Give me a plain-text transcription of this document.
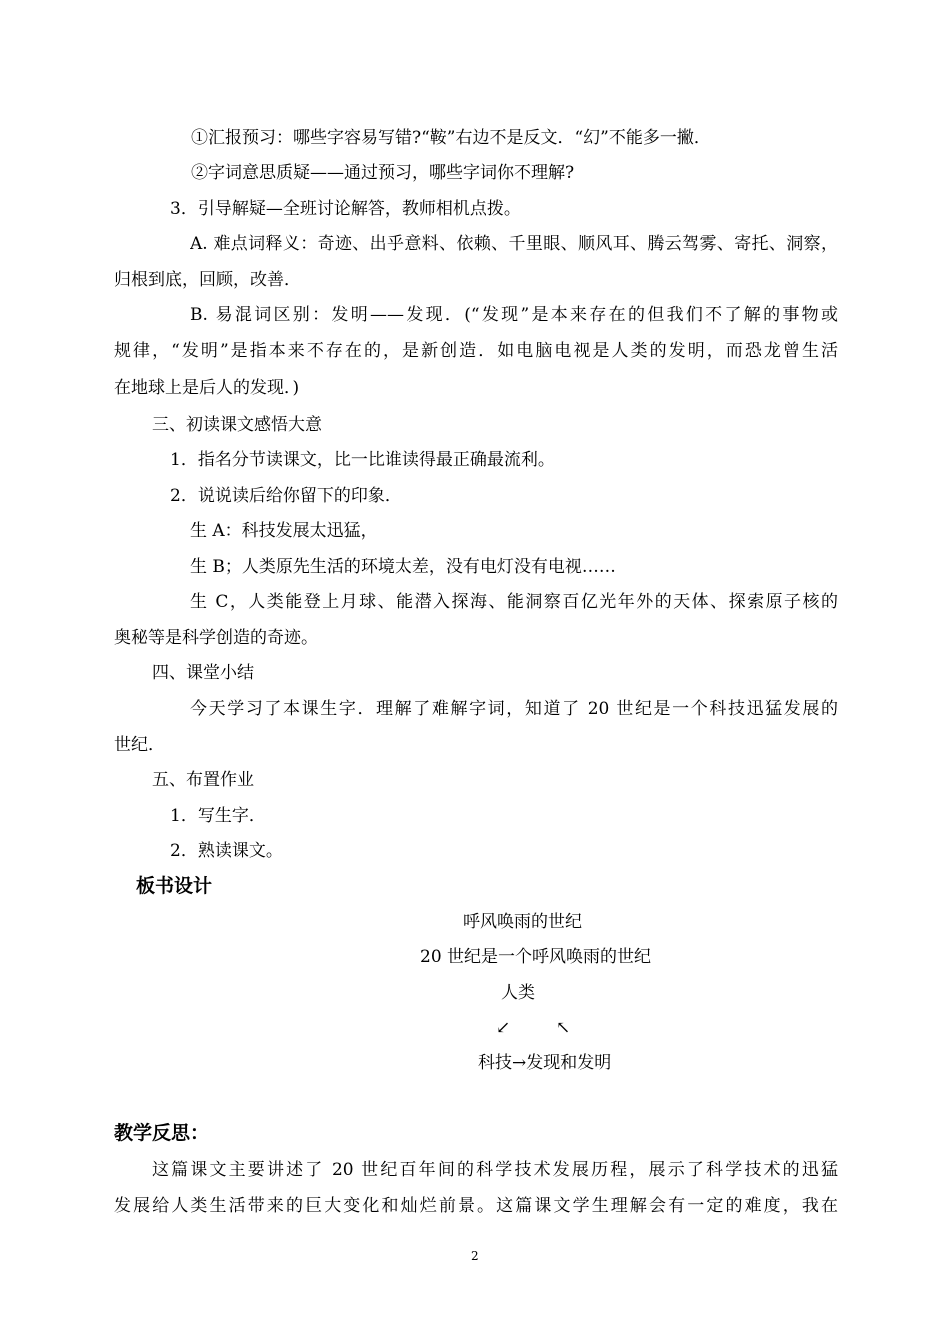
①汇报预习：哪些字容易写错?“鞍”右边不是反文．“幻”不能多一撇．
②字词意思质疑——通过预习，哪些字词你不理解?
3．引导解疑—全班讨论解答，教师相机点拨。
A. 难点词释义：奇迹、出乎意料、依赖、千里眼、顺风耳、腾云驾雾、寄托、洞察，
归根到底，回顾，改善．
B. 易混词区别：发明——发现．(“发现”是本来存在的但我们不了解的事物或
规律，“发明”是指本来不存在的，是新创造．如电脑电视是人类的发明，而恐龙曾生活
在地球上是后人的发现．)
三、初读课文感悟大意
1．指名分节读课文，比一比谁读得最正确最流利。
2．说说读后给你留下的印象．
生 A：科技发展太迅猛，
生 B；人类原先生活的环境太差，没有电灯没有电视……
生 C，人类能登上月球、能潜入探海、能洞察百亿光年外的天体、探索原子核的
奥秘等是科学创造的奇迹。
四、课堂小结
今天学习了本课生字．理解了难解字词，知道了 20 世纪是一个科技迅猛发展的
世纪．
五、布置作业
1．写生字．
2．熟读课文。
板书设计
呼风唤雨的世纪
20 世纪是一个呼风唤雨的世纪
人类
↙	↖
科技→发现和发明
教学反思：
这篇课文主要讲述了 20 世纪百年间的科学技术发展历程，展示了科学技术的迅猛
发展给人类生活带来的巨大变化和灿烂前景。这篇课文学生理解会有一定的难度，我在
2
